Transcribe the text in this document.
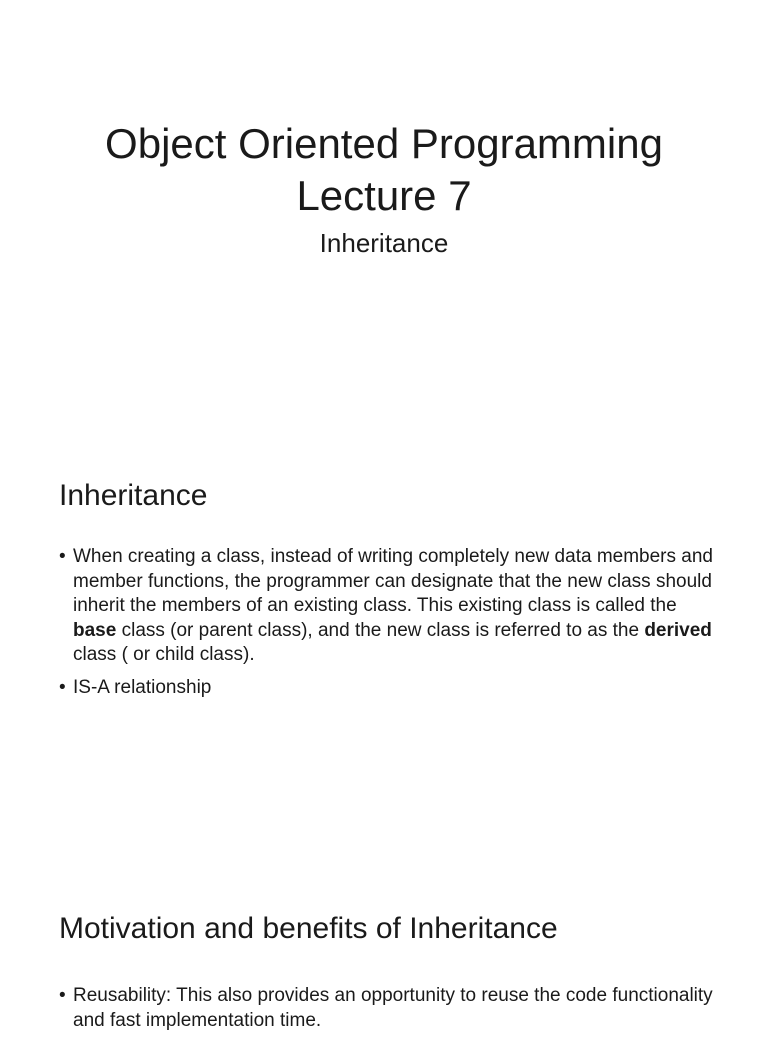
Object Oriented Programming
Lecture 7
Inheritance
Inheritance
• When creating a class, instead of writing completely new data members and member functions, the programmer can designate that the new class should inherit the members of an existing class. This existing class is called the base class (or parent class), and the new class is referred to as the derived class ( or child class).
• IS-A relationship
Motivation and benefits of Inheritance
• Reusability: This also provides an opportunity to reuse the code functionality and fast implementation time.
